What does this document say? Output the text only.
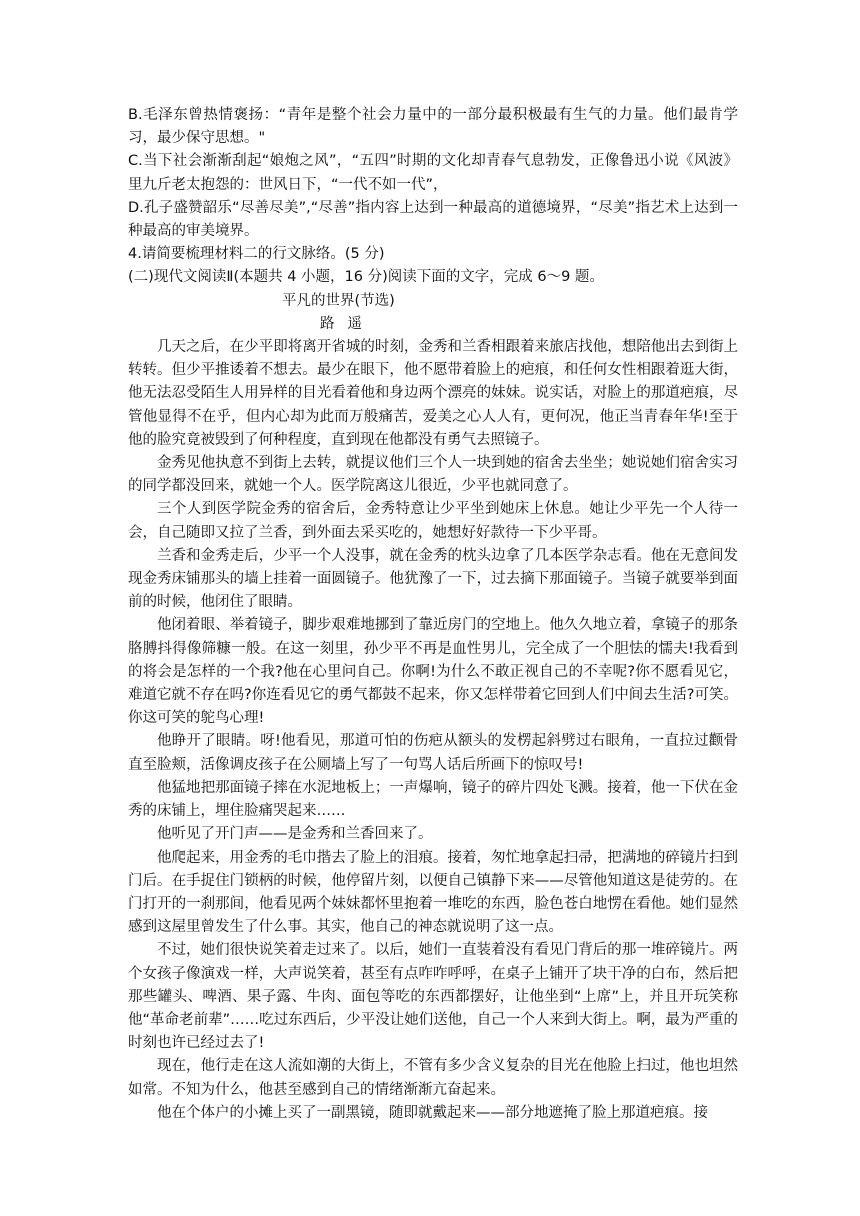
B.毛泽东曾热情褒扬：“青年是整个社会力量中的一部分最积极最有生气的力量。他们最肯学习，最少保守思想。"

C.当下社会渐渐刮起“娘炮之风”，“五四”时期的文化却青春气息勃发，正像鲁迅小说《风波》里九斤老太抱怨的：世风日下，“一代不如一代”，

D.孔子盛赞韶乐“尽善尽美”,“尽善”指内容上达到一种最高的道德境界，“尽美”指艺术上达到一种最高的审美境界。

4.请简要梳理材料二的行文脉络。(5 分)

(二)现代文阅读Ⅱ(本题共 4 小题，16 分)阅读下面的文字，完成 6～9 题。

平凡的世界(节选)

路遥

几天之后，在少平即将离开省城的时刻，金秀和兰香相跟着来旅店找他，想陪他出去到街上转转。但少平推诿着不想去。最少在眼下，他不愿带着脸上的疤痕，和任何女性相跟着逛大街，他无法忍受陌生人用异样的目光看着他和身边两个漂亮的妹妹。说实话，对脸上的那道疤痕，尽管他显得不在乎，但内心却为此而万般痛苦，爱美之心人人有，更何况，他正当青春年华!至于他的脸究竟被毁到了何种程度，直到现在他都没有勇气去照镜子。

金秀见他执意不到街上去转，就提议他们三个人一块到她的宿舍去坐坐；她说她们宿舍实习的同学都没回来，就她一个人。医学院离这儿很近，少平也就同意了。

三个人到医学院金秀的宿舍后，金秀特意让少平坐到她床上休息。她让少平先一个人待一会，自己随即又拉了兰香，到外面去采买吃的，她想好好款待一下少平哥。

兰香和金秀走后，少平一个人没事，就在金秀的枕头边拿了几本医学杂志看。他在无意间发现金秀床铺那头的墙上挂着一面圆镜子。他犹豫了一下，过去摘下那面镜子。当镜子就要举到面前的时候，他闭住了眼睛。

他闭着眼、举着镜子，脚步艰难地挪到了靠近房门的空地上。他久久地立着，拿镜子的那条胳膊抖得像筛糠一般。在这一刻里，孙少平不再是血性男儿，完全成了一个胆怯的懦夫!我看到的将会是怎样的一个我?他在心里问自己。你啊!为什么不敢正视自己的不幸呢?你不愿看见它，难道它就不存在吗?你连看见它的勇气都鼓不起来，你又怎样带着它回到人们中间去生活?可笑。你这可笑的鸵鸟心理!

他睁开了眼睛。呀!他看见，那道可怕的伤疤从额头的发楞起斜劈过右眼角，一直拉过颧骨直至脸颊，活像调皮孩子在公厕墙上写了一句骂人话后所画下的惊叹号!

他猛地把那面镜子摔在水泥地板上；一声爆响，镜子的碎片四处飞溅。接着，他一下伏在金秀的床铺上，埋住脸痛哭起来……

他听见了开门声——是金秀和兰香回来了。

他爬起来，用金秀的毛巾揩去了脸上的泪痕。接着，匆忙地拿起扫帚，把满地的碎镜片扫到门后。在手捉住门锁柄的时候，他停留片刻，以便自己镇静下来——尽管他知道这是徒劳的。在门打开的一刹那间，他看见两个妹妹都怀里抱着一堆吃的东西，脸色苍白地愣在看他。她们显然感到这屋里曾发生了什么事。其实，他自己的神态就说明了这一点。

不过，她们很快说笑着走过来了。以后，她们一直装着没有看见门背后的那一堆碎镜片。两个女孩子像演戏一样，大声说笑着，甚至有点咋咋呼呼，在桌子上铺开了块干净的白布，然后把那些罐头、啤酒、果子露、牛肉、面包等吃的东西都摆好，让他坐到“上席”上，并且开玩笑称他“革命老前辈”……吃过东西后，少平没让她们送他，自己一个人来到大街上。啊，最为严重的时刻也许已经过去了!

现在，他行走在这人流如潮的大街上，不管有多少含义复杂的目光在他脸上扫过，他也坦然如常。不知为什么，他甚至感到自己的情绪渐渐亢奋起来。

他在个体户的小摊上买了一副黑镜，随即就戴起来——部分地遮掩了脸上那道疤痕。接
